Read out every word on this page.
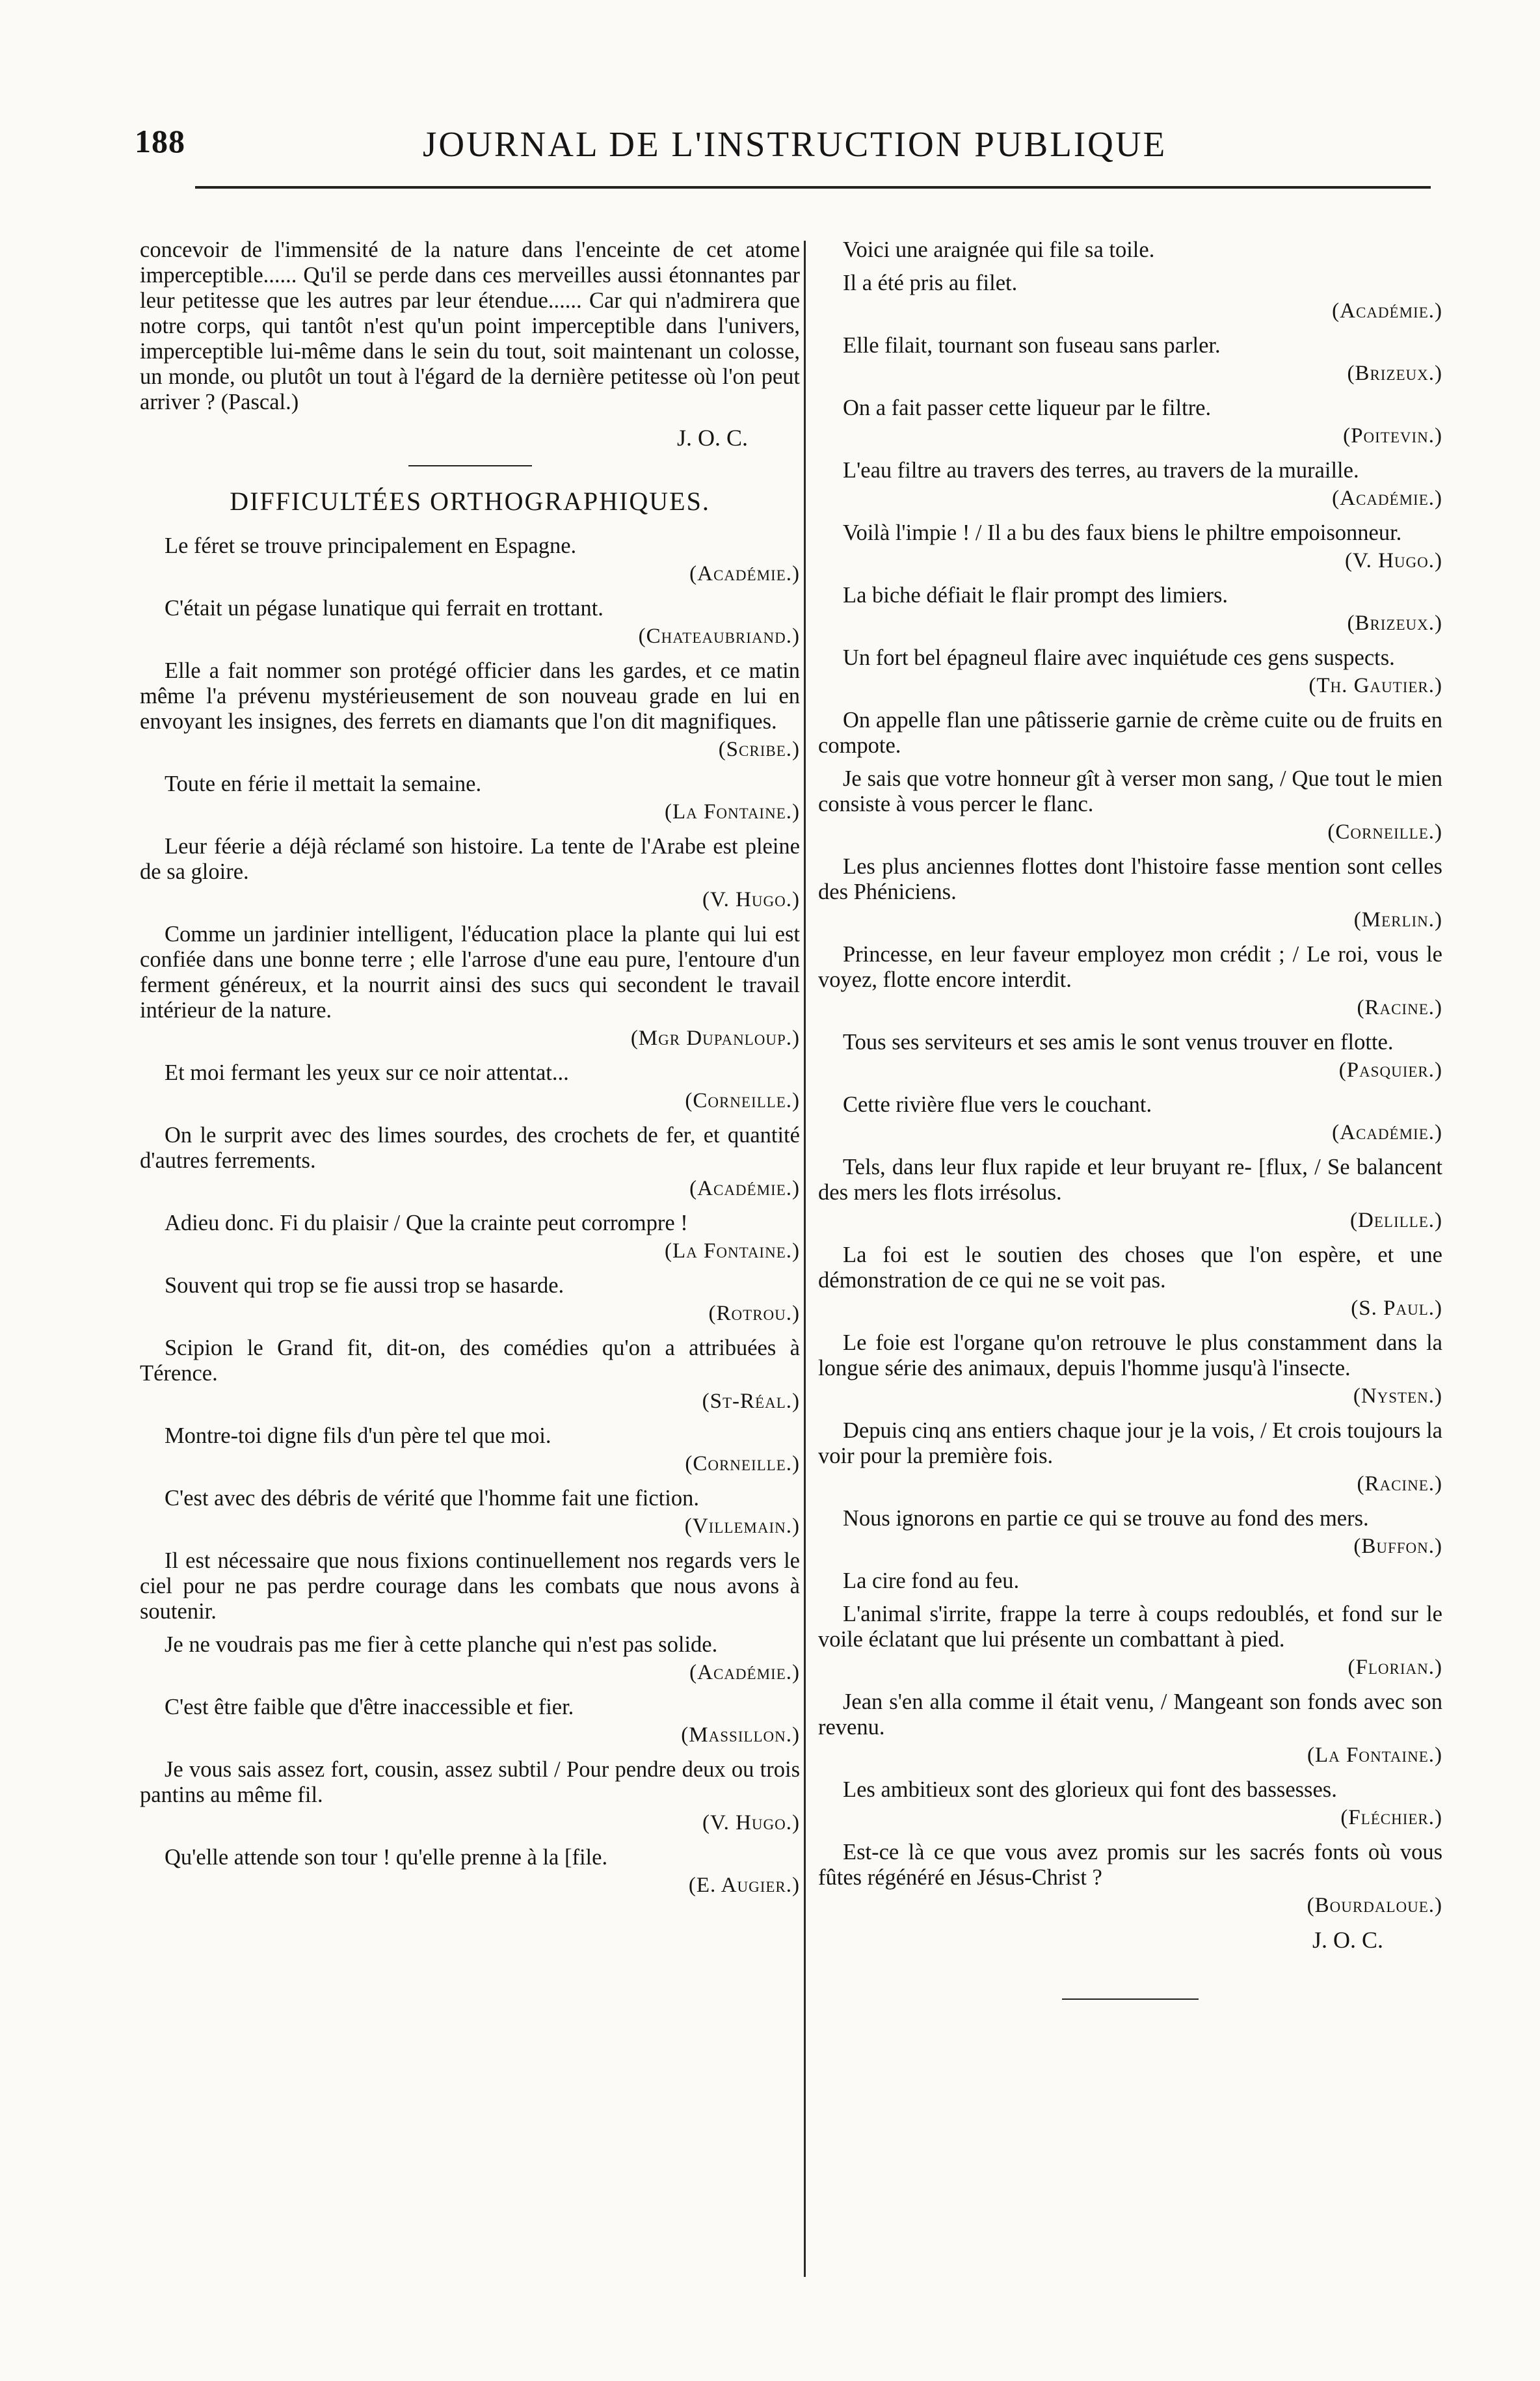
188	JOURNAL DE L'INSTRUCTION PUBLIQUE

concevoir de l'immensité de la nature dans l'enceinte de cet atome imperceptible...... Qu'il se perde dans ces merveilles aussi étonnantes par leur petitesse que les autres par leur étendue...... Car qui n'admirera que notre corps, qui tantôt n'est qu'un point imperceptible dans l'univers, imperceptible lui-même dans le sein du tout, soit maintenant un colosse, un monde, ou plutôt un tout à l'égard de la dernière petitesse où l'on peut arriver ? (Pascal.)

J. O. C.
DIFFICULTÉES ORTHOGRAPHIQUES.

Le féret se trouve principalement en Espagne.

(Académie.)

C'était un pégase lunatique qui ferrait en trottant.

(Chateaubriand.)

Elle a fait nommer son protégé officier dans les gardes, et ce matin même l'a prévenu mystérieusement de son nouveau grade en lui en envoyant les insignes, des ferrets en diamants que l'on dit magnifiques.

(Scribe.)

Toute en férie il mettait la semaine.

(La Fontaine.)

Leur féerie a déjà réclamé son histoire. La tente de l'Arabe est pleine de sa gloire.

(V. Hugo.)

Comme un jardinier intelligent, l'éducation place la plante qui lui est confiée dans une bonne terre ; elle l'arrose d'une eau pure, l'entoure d'un ferment généreux, et la nourrit ainsi des sucs qui secondent le travail intérieur de la nature.

(Mgr Dupanloup.)

Et moi fermant les yeux sur ce noir attentat...

(Corneille.)

On le surprit avec des limes sourdes, des crochets de fer, et quantité d'autres ferrements.

(Académie.)

Adieu donc. Fi du plaisir / Que la crainte peut corrompre !

(La Fontaine.)

Souvent qui trop se fie aussi trop se hasarde.

(Rotrou.)

Scipion le Grand fit, dit-on, des comédies qu'on a attribuées à Térence.

(St-Réal.)

Montre-toi digne fils d'un père tel que moi.

(Corneille.)

C'est avec des débris de vérité que l'homme fait une fiction.

(Villemain.)

Il est nécessaire que nous fixions continuellement nos regards vers le ciel pour ne pas perdre courage dans les combats que nous avons à soutenir.

Je ne voudrais pas me fier à cette planche qui n'est pas solide.

(Académie.)

C'est être faible que d'être inaccessible et fier.

(Massillon.)

Je vous sais assez fort, cousin, assez subtil / Pour pendre deux ou trois pantins au même fil.

(V. Hugo.)

Qu'elle attende son tour ! qu'elle prenne à la [file.

(E. Augier.)

Voici une araignée qui file sa toile.

Il a été pris au filet.

(Académie.)

Elle filait, tournant son fuseau sans parler.

(Brizeux.)

On a fait passer cette liqueur par le filtre.

(Poitevin.)

L'eau filtre au travers des terres, au travers de la muraille.

(Académie.)

Voilà l'impie ! / Il a bu des faux biens le philtre empoisonneur.

(V. Hugo.)

La biche défiait le flair prompt des limiers.

(Brizeux.)

Un fort bel épagneul flaire avec inquiétude ces gens suspects.

(Th. Gautier.)

On appelle flan une pâtisserie garnie de crème cuite ou de fruits en compote.

Je sais que votre honneur gît à verser mon sang, / Que tout le mien consiste à vous percer le flanc.

(Corneille.)

Les plus anciennes flottes dont l'histoire fasse mention sont celles des Phéniciens.

(Merlin.)

Princesse, en leur faveur employez mon crédit ; / Le roi, vous le voyez, flotte encore interdit.

(Racine.)

Tous ses serviteurs et ses amis le sont venus trouver en flotte.

(Pasquier.)

Cette rivière flue vers le couchant.

(Académie.)

Tels, dans leur flux rapide et leur bruyant re- [flux, / Se balancent des mers les flots irrésolus.

(Delille.)

La foi est le soutien des choses que l'on espère, et une démonstration de ce qui ne se voit pas.

(S. Paul.)

Le foie est l'organe qu'on retrouve le plus constamment dans la longue série des animaux, depuis l'homme jusqu'à l'insecte.

(Nysten.)

Depuis cinq ans entiers chaque jour je la vois, / Et crois toujours la voir pour la première fois.

(Racine.)

Nous ignorons en partie ce qui se trouve au fond des mers.

(Buffon.)

La cire fond au feu.

L'animal s'irrite, frappe la terre à coups redoublés, et fond sur le voile éclatant que lui présente un combattant à pied.

(Florian.)

Jean s'en alla comme il était venu, / Mangeant son fonds avec son revenu.

(La Fontaine.)

Les ambitieux sont des glorieux qui font des bassesses.

(Fléchier.)

Est-ce là ce que vous avez promis sur les sacrés fonts où vous fûtes régénéré en Jésus-Christ ?

(Bourdaloue.)
J. O. C.
